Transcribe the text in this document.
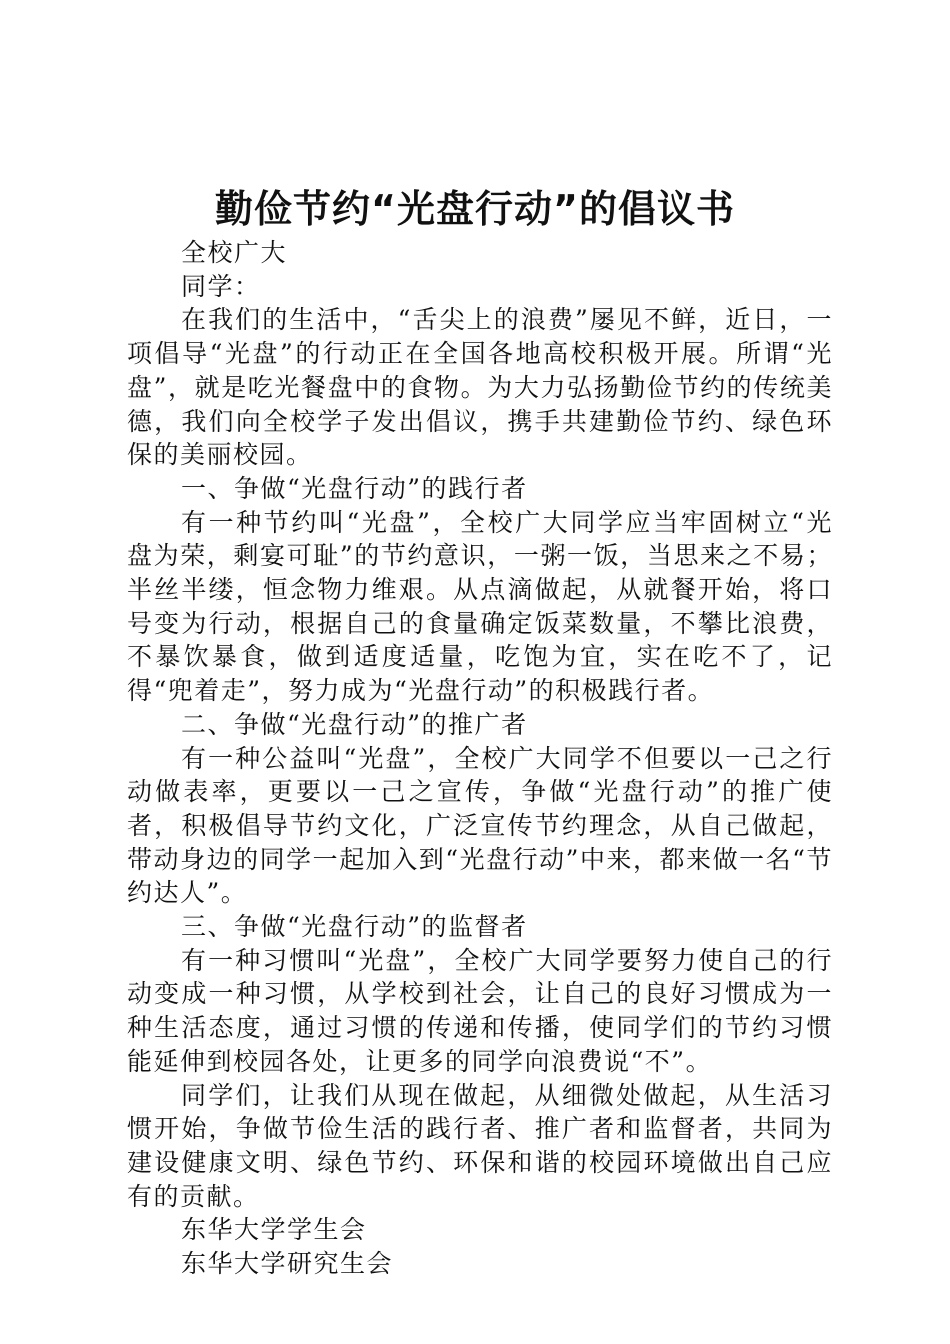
勤俭节约“光盘行动”的倡议书

全校广大

同学：

在我们的生活中，“舌尖上的浪费”屡见不鲜，近日，一项倡导“光盘”的行动正在全国各地高校积极开展。所谓“光盘”，就是吃光餐盘中的食物。为大力弘扬勤俭节约的传统美德，我们向全校学子发出倡议，携手共建勤俭节约、绿色环保的美丽校园。

一、争做“光盘行动”的践行者

有一种节约叫“光盘”，全校广大同学应当牢固树立“光盘为荣，剩宴可耻”的节约意识，一粥一饭，当思来之不易；半丝半缕，恒念物力维艰。从点滴做起，从就餐开始，将口号变为行动，根据自己的食量确定饭菜数量，不攀比浪费，不暴饮暴食，做到适度适量，吃饱为宜，实在吃不了，记得“兜着走”，努力成为“光盘行动”的积极践行者。

二、争做“光盘行动”的推广者

有一种公益叫“光盘”，全校广大同学不但要以一己之行动做表率，更要以一己之宣传，争做“光盘行动”的推广使者，积极倡导节约文化，广泛宣传节约理念，从自己做起，带动身边的同学一起加入到“光盘行动”中来，都来做一名“节约达人”。

三、争做“光盘行动”的监督者

有一种习惯叫“光盘”，全校广大同学要努力使自己的行动变成一种习惯，从学校到社会，让自己的良好习惯成为一种生活态度，通过习惯的传递和传播，使同学们的节约习惯能延伸到校园各处，让更多的同学向浪费说“不”。

同学们，让我们从现在做起，从细微处做起，从生活习惯开始，争做节俭生活的践行者、推广者和监督者，共同为建设健康文明、绿色节约、环保和谐的校园环境做出自己应有的贡献。

东华大学学生会

东华大学研究生会
